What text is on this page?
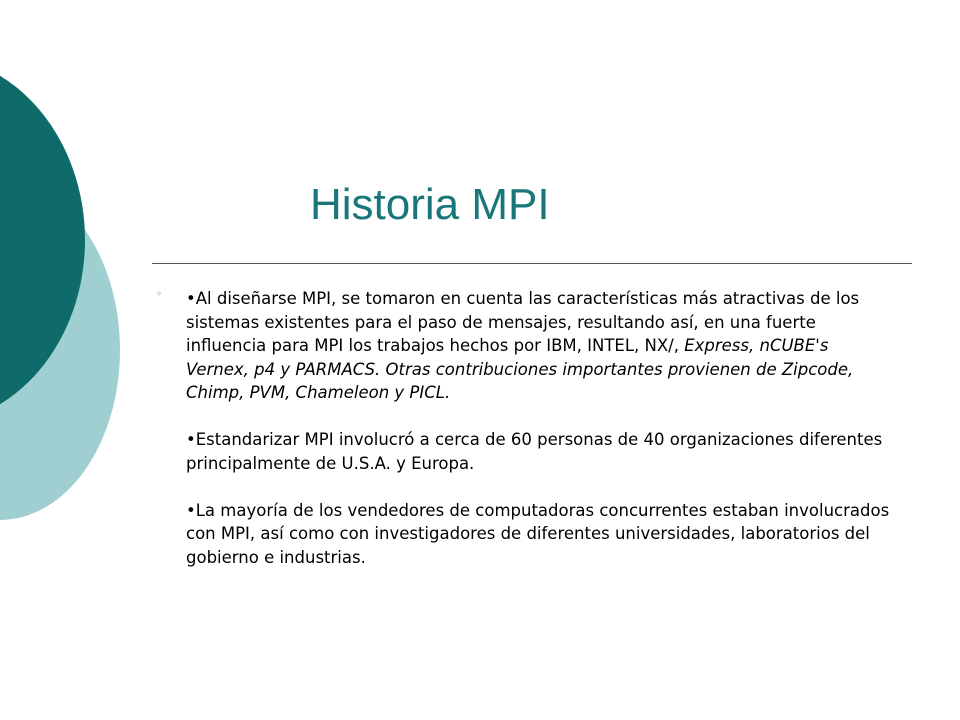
Historia MPI
◦ •Al diseñarse MPI, se tomaron en cuenta las características más atractivas de los sistemas existentes para el paso de mensajes, resultando así, en una fuerte influencia para MPI los trabajos hechos por IBM, INTEL, NX/, Express, nCUBE's Vernex, p4 y PARMACS. Otras contribuciones importantes provienen de Zipcode, Chimp, PVM, Chameleon y PICL.

•Estandarizar MPI involucró a cerca de 60 personas de 40 organizaciones diferentes principalmente de U.S.A. y Europa.

•La mayoría de los vendedores de computadoras concurrentes estaban involucrados con MPI, así como con investigadores de diferentes universidades, laboratorios del gobierno e industrias.
